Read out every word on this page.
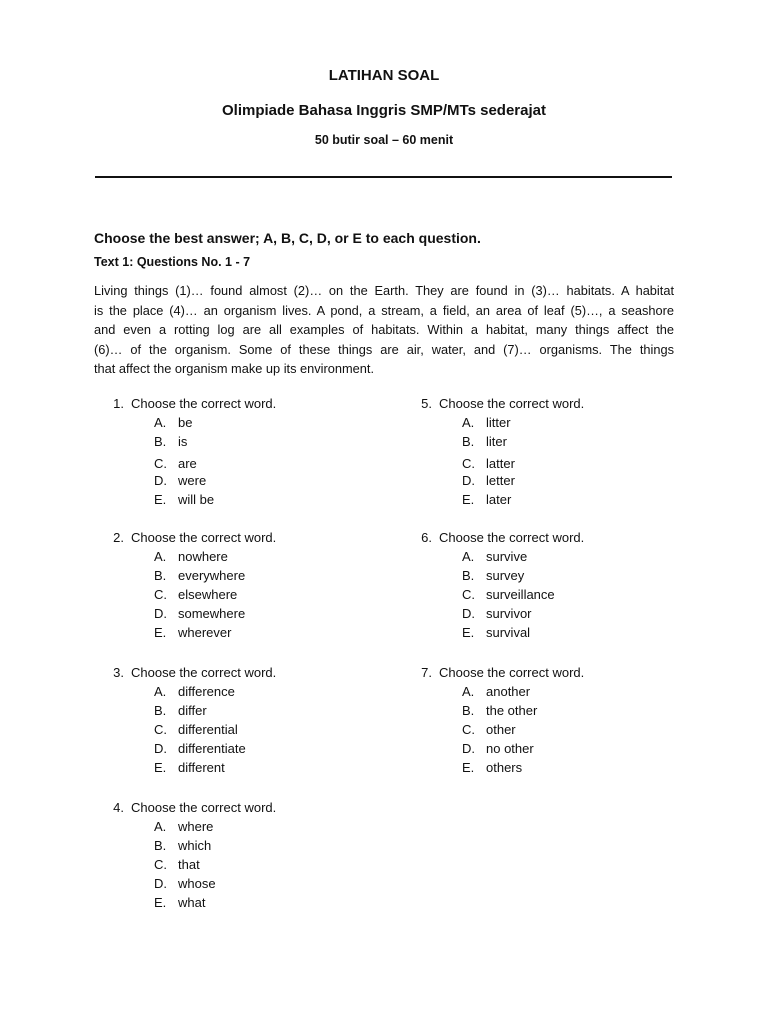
LATIHAN SOAL
Olimpiade Bahasa Inggris SMP/MTs sederajat
50 butir soal – 60 menit
Choose the best answer; A, B, C, D, or E to each question.
Text 1: Questions No. 1 - 7
Living things (1)… found almost (2)… on the Earth. They are found in (3)… habitats. A habitat
is the place (4)… an organism lives. A pond, a stream, a field, an area of leaf (5)…, a seashore
and even a rotting log are all examples of habitats. Within a habitat, many things affect the
(6)… of the organism. Some of these things are air, water, and (7)… organisms. The things
that affect the organism make up its environment.
1. Choose the correct word.
A. be
B. is
C. are
D. were
E. will be
2. Choose the correct word.
A. nowhere
B. everywhere
C. elsewhere
D. somewhere
E. wherever
3. Choose the correct word.
A. difference
B. differ
C. differential
D. differentiate
E. different
4. Choose the correct word.
A. where
B. which
C. that
D. whose
E. what
5. Choose the correct word.
A. litter
B. liter
C. latter
D. letter
E. later
6. Choose the correct word.
A. survive
B. survey
C. surveillance
D. survivor
E. survival
7. Choose the correct word.
A. another
B. the other
C. other
D. no other
E. others
